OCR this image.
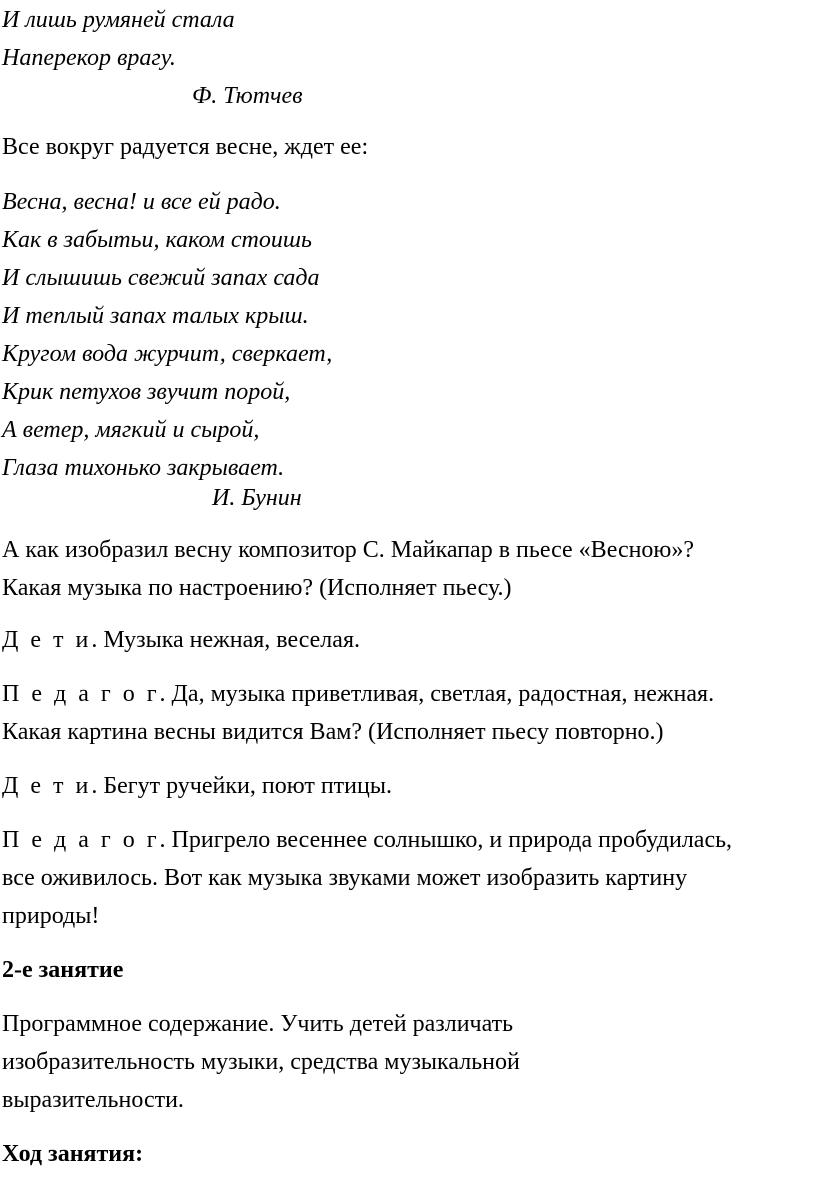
И лишь румяней стала
Наперекор врагу.
Ф. Тютчев
Все вокруг радуется весне, ждет ее:
Весна, весна! и все ей радо.
Как в забытьи, каком стоишь
И слышишь свежий запах сада
И теплый запах талых крыш.
Кругом вода журчит, сверкает,
Крик петухов звучит порой,
А ветер, мягкий и сырой,
Глаза тихонько закрывает.
И. Бунин
А как изобразил весну композитор С. Майкапар в пьесе «Весною»?
Какая музыка по настроению? (Исполняет пьесу.)
Д е т и. Музыка нежная, веселая.
П е д а г о г. Да, музыка приветливая, светлая, радостная, нежная.
Какая картина весны видится Вам? (Исполняет пьесу повторно.)
Д е т и. Бегут ручейки, поют птицы.
П е д а г о г. Пригрело весеннее солнышко, и природа пробудилась,
все оживилось. Вот как музыка звуками может изобразить картину
природы!
2-е занятие
Программное содержание. Учить детей различать
изобразительность музыки, средства музыкальной
выразительности.
Ход занятия:
